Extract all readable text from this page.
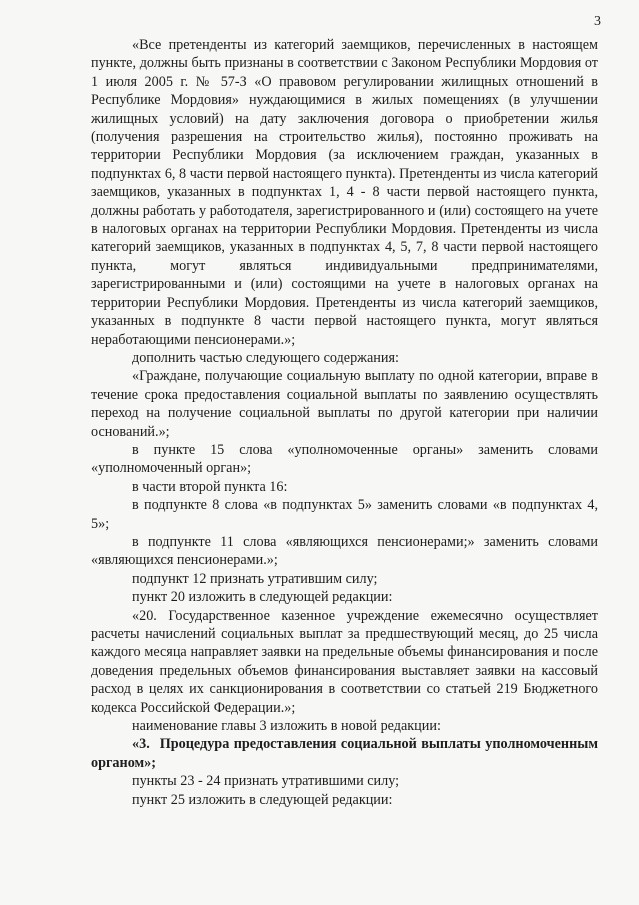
3

«Все претенденты из категорий заемщиков, перечисленных в настоящем пункте, должны быть признаны в соответствии с Законом Республики Мордовия от 1 июля 2005 г. № 57-З «О правовом регулировании жилищных отношений в Республике Мордовия» нуждающимися в жилых помещениях (в улучшении жилищных условий) на дату заключения договора о приобретении жилья (получения разрешения на строительство жилья), постоянно проживать на территории Республики Мордовия (за исключением граждан, указанных в подпунктах 6, 8 части первой настоящего пункта). Претенденты из числа категорий заемщиков, указанных в подпунктах 1, 4 - 8 части первой настоящего пункта, должны работать у работодателя, зарегистрированного и (или) состоящего на учете в налоговых органах на территории Республики Мордовия. Претенденты из числа категорий заемщиков, указанных в подпунктах 4, 5, 7, 8 части первой настоящего пункта, могут являться индивидуальными предпринимателями, зарегистрированными и (или) состоящими на учете в налоговых органах на территории Республики Мордовия. Претенденты из числа категорий заемщиков, указанных в подпункте 8 части первой настоящего пункта, могут являться неработающими пенсионерами.»;

дополнить частью следующего содержания:

«Граждане, получающие социальную выплату по одной категории, вправе в течение срока предоставления социальной выплаты по заявлению осуществлять переход на получение социальной выплаты по другой категории при наличии оснований.»;

в пункте 15 слова «уполномоченные органы» заменить словами «уполномоченный орган»;

в части второй пункта 16:

в подпункте 8 слова «в подпунктах 5» заменить словами «в подпунктах 4, 5»;

в подпункте 11 слова «являющихся пенсионерами;» заменить словами «являющихся пенсионерами.»;

подпункт 12 признать утратившим силу;

пункт 20 изложить в следующей редакции:

«20. Государственное казенное учреждение ежемесячно осуществляет расчеты начислений социальных выплат за предшествующий месяц, до 25 числа каждого месяца направляет заявки на предельные объемы финансирования и после доведения предельных объемов финансирования выставляет заявки на кассовый расход в целях их санкционирования в соответствии со статьей 219 Бюджетного кодекса Российской Федерации.»;

наименование главы 3 изложить в новой редакции:

«3. Процедура предоставления социальной выплаты уполномоченным органом»;

пункты 23 - 24 признать утратившими силу;

пункт 25 изложить в следующей редакции:
